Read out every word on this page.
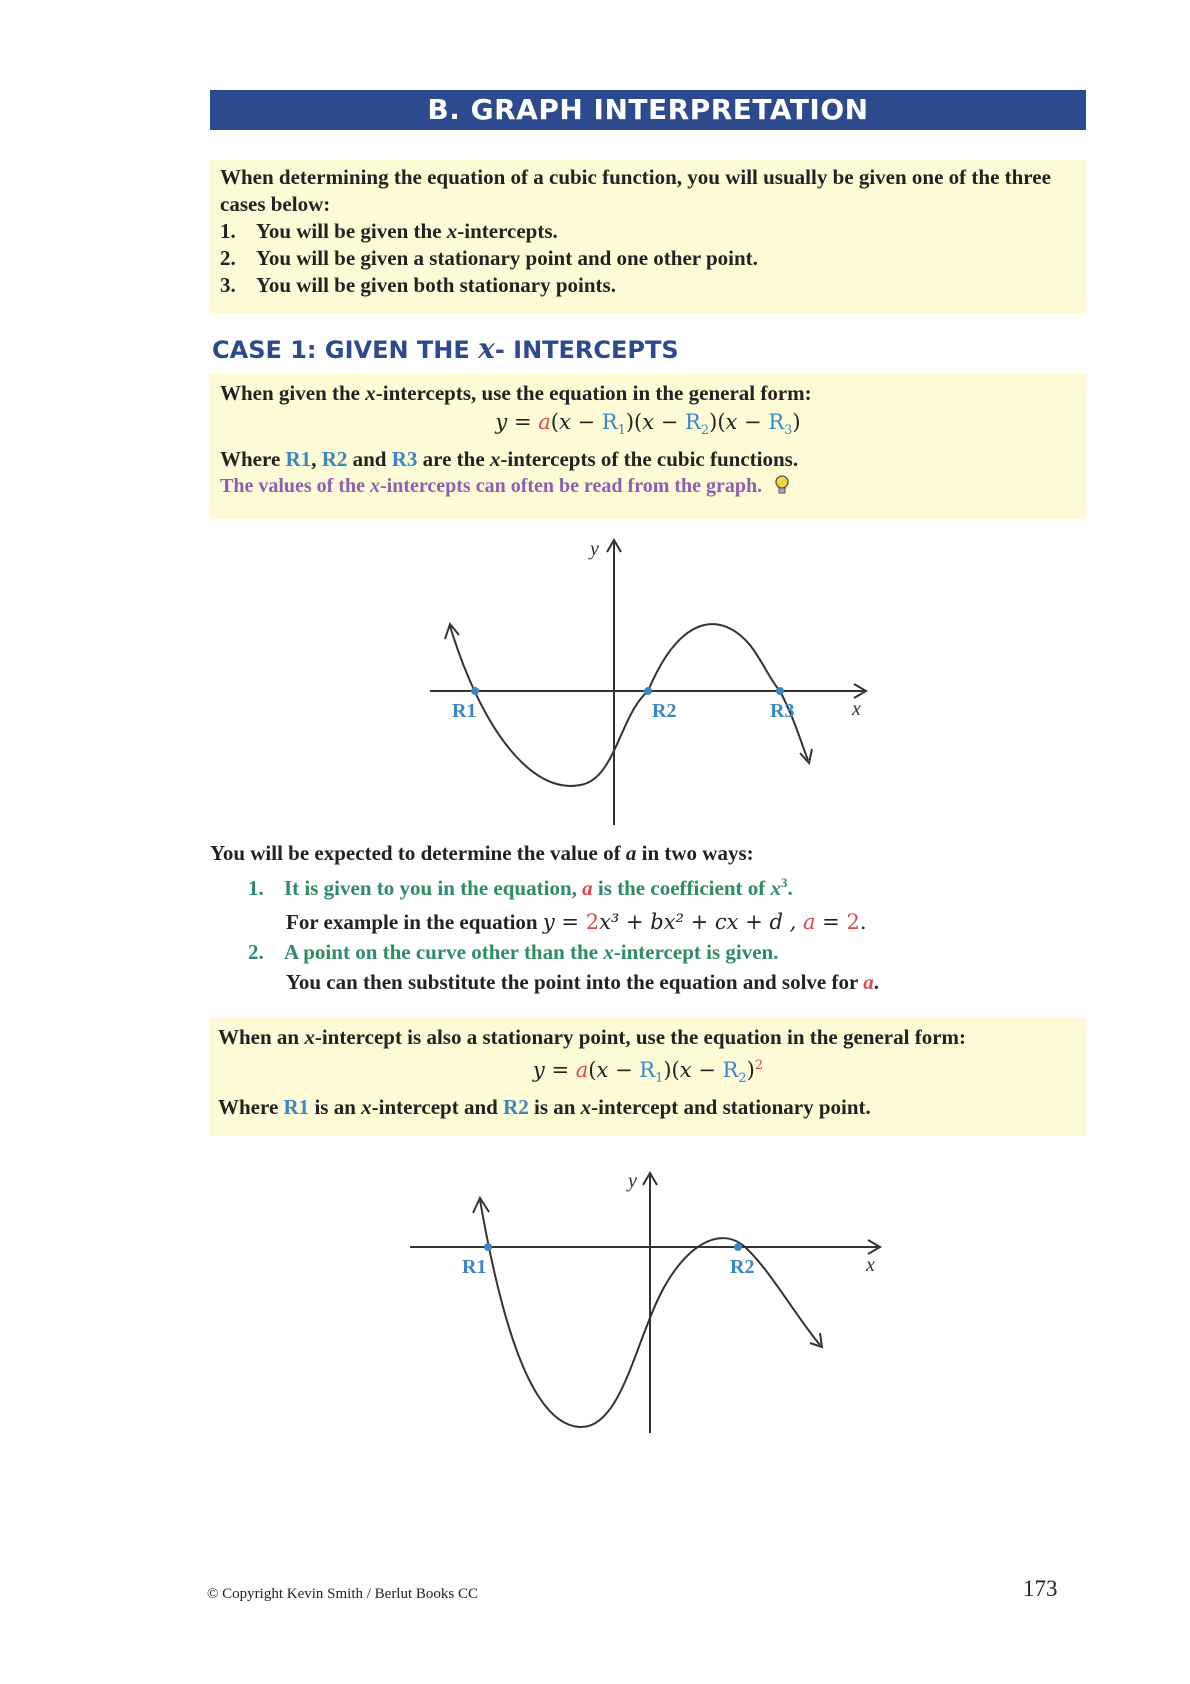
B. GRAPH INTERPRETATION
When determining the equation of a cubic function, you will usually be given one of the three cases below:
1. You will be given the x-intercepts.
2. You will be given a stationary point and one other point.
3. You will be given both stationary points.
CASE 1: GIVEN THE x- INTERCEPTS
When given the x-intercepts, use the equation in the general form:
$y = a(x - R_1)(x - R_2)(x - R_3)$
Where R1, R2 and R3 are the x-intercepts of the cubic functions.
The values of the x-intercepts can often be read from the graph.
y
x
R1	R2	R3
You will be expected to determine the value of a in two ways:
1. It is given to you in the equation, a is the coefficient of $x^3$.
For example in the equation y = 2x³ + bx² + cx + d , a = 2.
2. A point on the curve other than the x-intercept is given.
You can then substitute the point into the equation and solve for a.
When an x-intercept is also a stationary point, use the equation in the general form:
$y = a(x - R_1)(x - R_2)^2$
Where R1 is an x-intercept and R2 is an x-intercept and stationary point.
y
x
R1	R2
© Copyright Kevin Smith / Berlut Books CC	173
